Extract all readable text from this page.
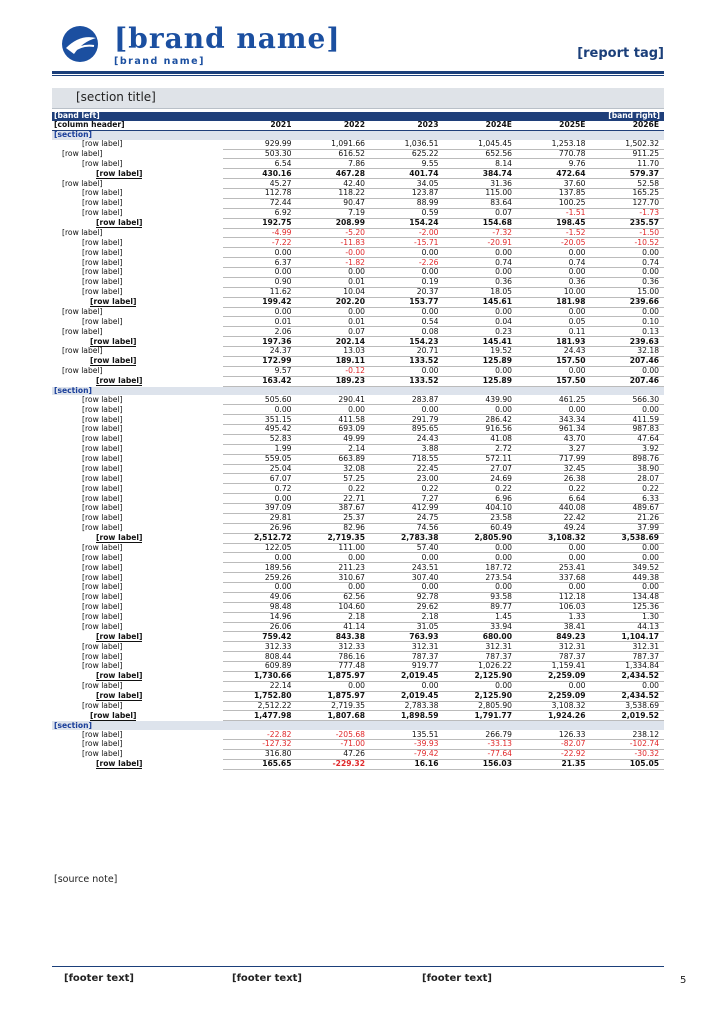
[brand name]
[brand name]
[report tag]
[section title]
[band left]				[band right]		
[column header]	2021	2022	2023	2024E	2025E	2026E
[section]						
[row label]	929.99	1,091.66	1,036.51	1,045.45	1,253.18	1,502.32
[row label]	503.30	616.52	625.22	652.56	770.78	911.25
[row label]	6.54	7.86	9.55	8.14	9.76	11.70
[row label]	430.16	467.28	401.74	384.74	472.64	579.37
[row label]	45.27	42.40	34.05	31.36	37.60	52.58
[row label]	112.78	118.22	123.87	115.00	137.85	165.25
[row label]	72.44	90.47	88.99	83.64	100.25	127.70
[row label]	6.92	7.19	0.59	0.07	-1.51	-1.73
[row label]	192.75	208.99	154.24	154.68	198.45	235.57
[row label]	-4.99	-5.20	-2.00	-7.32	-1.52	-1.50
[row label]	-7.22	-11.83	-15.71	-20.91	-20.05	-10.52
[row label]	0.00	-0.00	0.00	0.00	0.00	0.00
[row label]	6.37	-1.82	-2.26	0.74	0.74	0.74
[row label]	0.00	0.00	0.00	0.00	0.00	0.00
[row label]	0.90	0.01	0.19	0.36	0.36	0.36
[row label]	11.62	10.04	20.37	18.05	10.00	15.00
[row label]	199.42	202.20	153.77	145.61	181.98	239.66
[row label]	0.00	0.00	0.00	0.00	0.00	0.00
[row label]	0.01	0.01	0.54	0.04	0.05	0.10
[row label]	2.06	0.07	0.08	0.23	0.11	0.13
[row label]	197.36	202.14	154.23	145.41	181.93	239.63
[row label]	24.37	13.03	20.71	19.52	24.43	32.18
[row label]	172.99	189.11	133.52	125.89	157.50	207.46
[row label]	9.57	-0.12	0.00	0.00	0.00	0.00
[row label]	163.42	189.23	133.52	125.89	157.50	207.46
[section]						
[row label]	505.60	290.41	283.87	439.90	461.25	566.30
[row label]	0.00	0.00	0.00	0.00	0.00	0.00
[row label]	351.15	411.58	291.79	286.42	343.34	411.59
[row label]	495.42	693.09	895.65	916.56	961.34	987.83
[row label]	52.83	49.99	24.43	41.08	43.70	47.64
[row label]	1.99	2.14	3.88	2.72	3.27	3.92
[row label]	559.05	663.89	718.55	572.11	717.99	898.76
[row label]	25.04	32.08	22.45	27.07	32.45	38.90
[row label]	67.07	57.25	23.00	24.69	26.38	28.07
[row label]	0.72	0.22	0.22	0.22	0.22	0.22
[row label]	0.00	22.71	7.27	6.96	6.64	6.33
[row label]	397.09	387.67	412.99	404.10	440.08	489.67
[row label]	29.81	25.37	24.75	23.58	22.42	21.26
[row label]	26.96	82.96	74.56	60.49	49.24	37.99
[row label]	2,512.72	2,719.35	2,783.38	2,805.90	3,108.32	3,538.69
[row label]	122.05	111.00	57.40	0.00	0.00	0.00
[row label]	0.00	0.00	0.00	0.00	0.00	0.00
[row label]	189.56	211.23	243.51	187.72	253.41	349.52
[row label]	259.26	310.67	307.40	273.54	337.68	449.38
[row label]	0.00	0.00	0.00	0.00	0.00	0.00
[row label]	49.06	62.56	92.78	93.58	112.18	134.48
[row label]	98.48	104.60	29.62	89.77	106.03	125.36
[row label]	14.96	2.18	2.18	1.45	1.33	1.30
[row label]	26.06	41.14	31.05	33.94	38.41	44.13
[row label]	759.42	843.38	763.93	680.00	849.23	1,104.17
[row label]	312.33	312.33	312.31	312.31	312.31	312.31
[row label]	808.44	786.16	787.37	787.37	787.37	787.37
[row label]	609.89	777.48	919.77	1,026.22	1,159.41	1,334.84
[row label]	1,730.66	1,875.97	2,019.45	2,125.90	2,259.09	2,434.52
[row label]	22.14	0.00	0.00	0.00	0.00	0.00
[row label]	1,752.80	1,875.97	2,019.45	2,125.90	2,259.09	2,434.52
[row label]	2,512.22	2,719.35	2,783.38	2,805.90	3,108.32	3,538.69
[row label]	1,477.98	1,807.68	1,898.59	1,791.77	1,924.26	2,019.52
[section]						
[row label]	-22.82	-205.68	135.51	266.79	126.33	238.12
[row label]	-127.32	-71.00	-39.93	-33.13	-82.07	-102.74
[row label]	316.80	47.26	-79.42	-77.64	-22.92	-30.32
[row label]	165.65	-229.32	16.16	156.03	21.35	105.05
[source note]
[footer text]	[footer text]	[footer text]	5
